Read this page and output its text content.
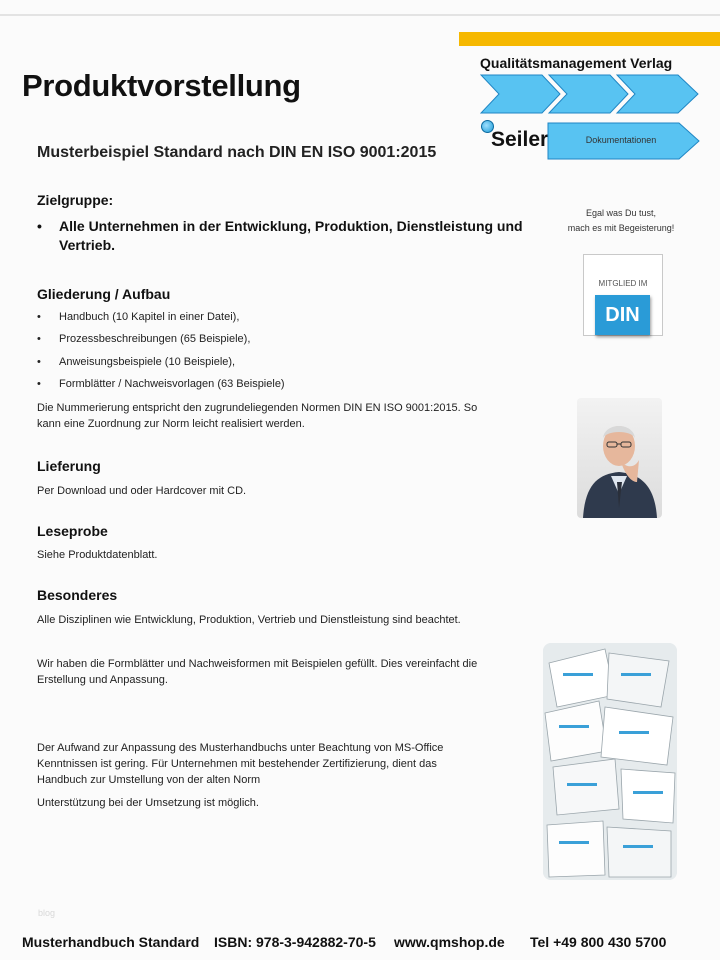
Produktvorstellung
Musterbeispiel Standard nach DIN EN ISO 9001:2015
Qualitätsmanagement Verlag
Seiler	Dokumentationen
Zielgruppe:
• Alle Unternehmen in der Entwicklung, Produktion, Dienstleistung und
Vertrieb.
Gliederung / Aufbau
• Handbuch (10 Kapitel in einer Datei),
• Prozessbeschreibungen (65 Beispiele),
• Anweisungsbeispiele (10 Beispiele),
• Formblätter / Nachweisvorlagen (63 Beispiele)
Die Nummerierung entspricht den zugrundeliegenden Normen DIN EN ISO 9001:2015. So
kann eine Zuordnung zur Norm leicht realisiert werden.
Lieferung
Per Download und oder Hardcover mit CD.
Leseprobe
Siehe Produktdatenblatt.
Besonderes
Alle Disziplinen wie Entwicklung, Produktion, Vertrieb und Dienstleistung sind beachtet.
Wir haben die Formblätter und Nachweisformen mit Beispielen gefüllt. Dies vereinfacht die
Erstellung und Anpassung.
Der Aufwand zur Anpassung des Musterhandbuchs unter Beachtung von MS-Office
Kenntnissen ist gering. Für Unternehmen mit bestehender Zertifizierung, dient das
Handbuch zur Umstellung von der alten Norm
Unterstützung bei der Umsetzung ist möglich.
Egal was Du tust,
mach es mit Begeisterung!
MITGLIED IM
DIN
blog
Musterhandbuch Standard ISBN: 978-3-942882-70-5 www.qmshop.de Tel +49 800 430 5700
